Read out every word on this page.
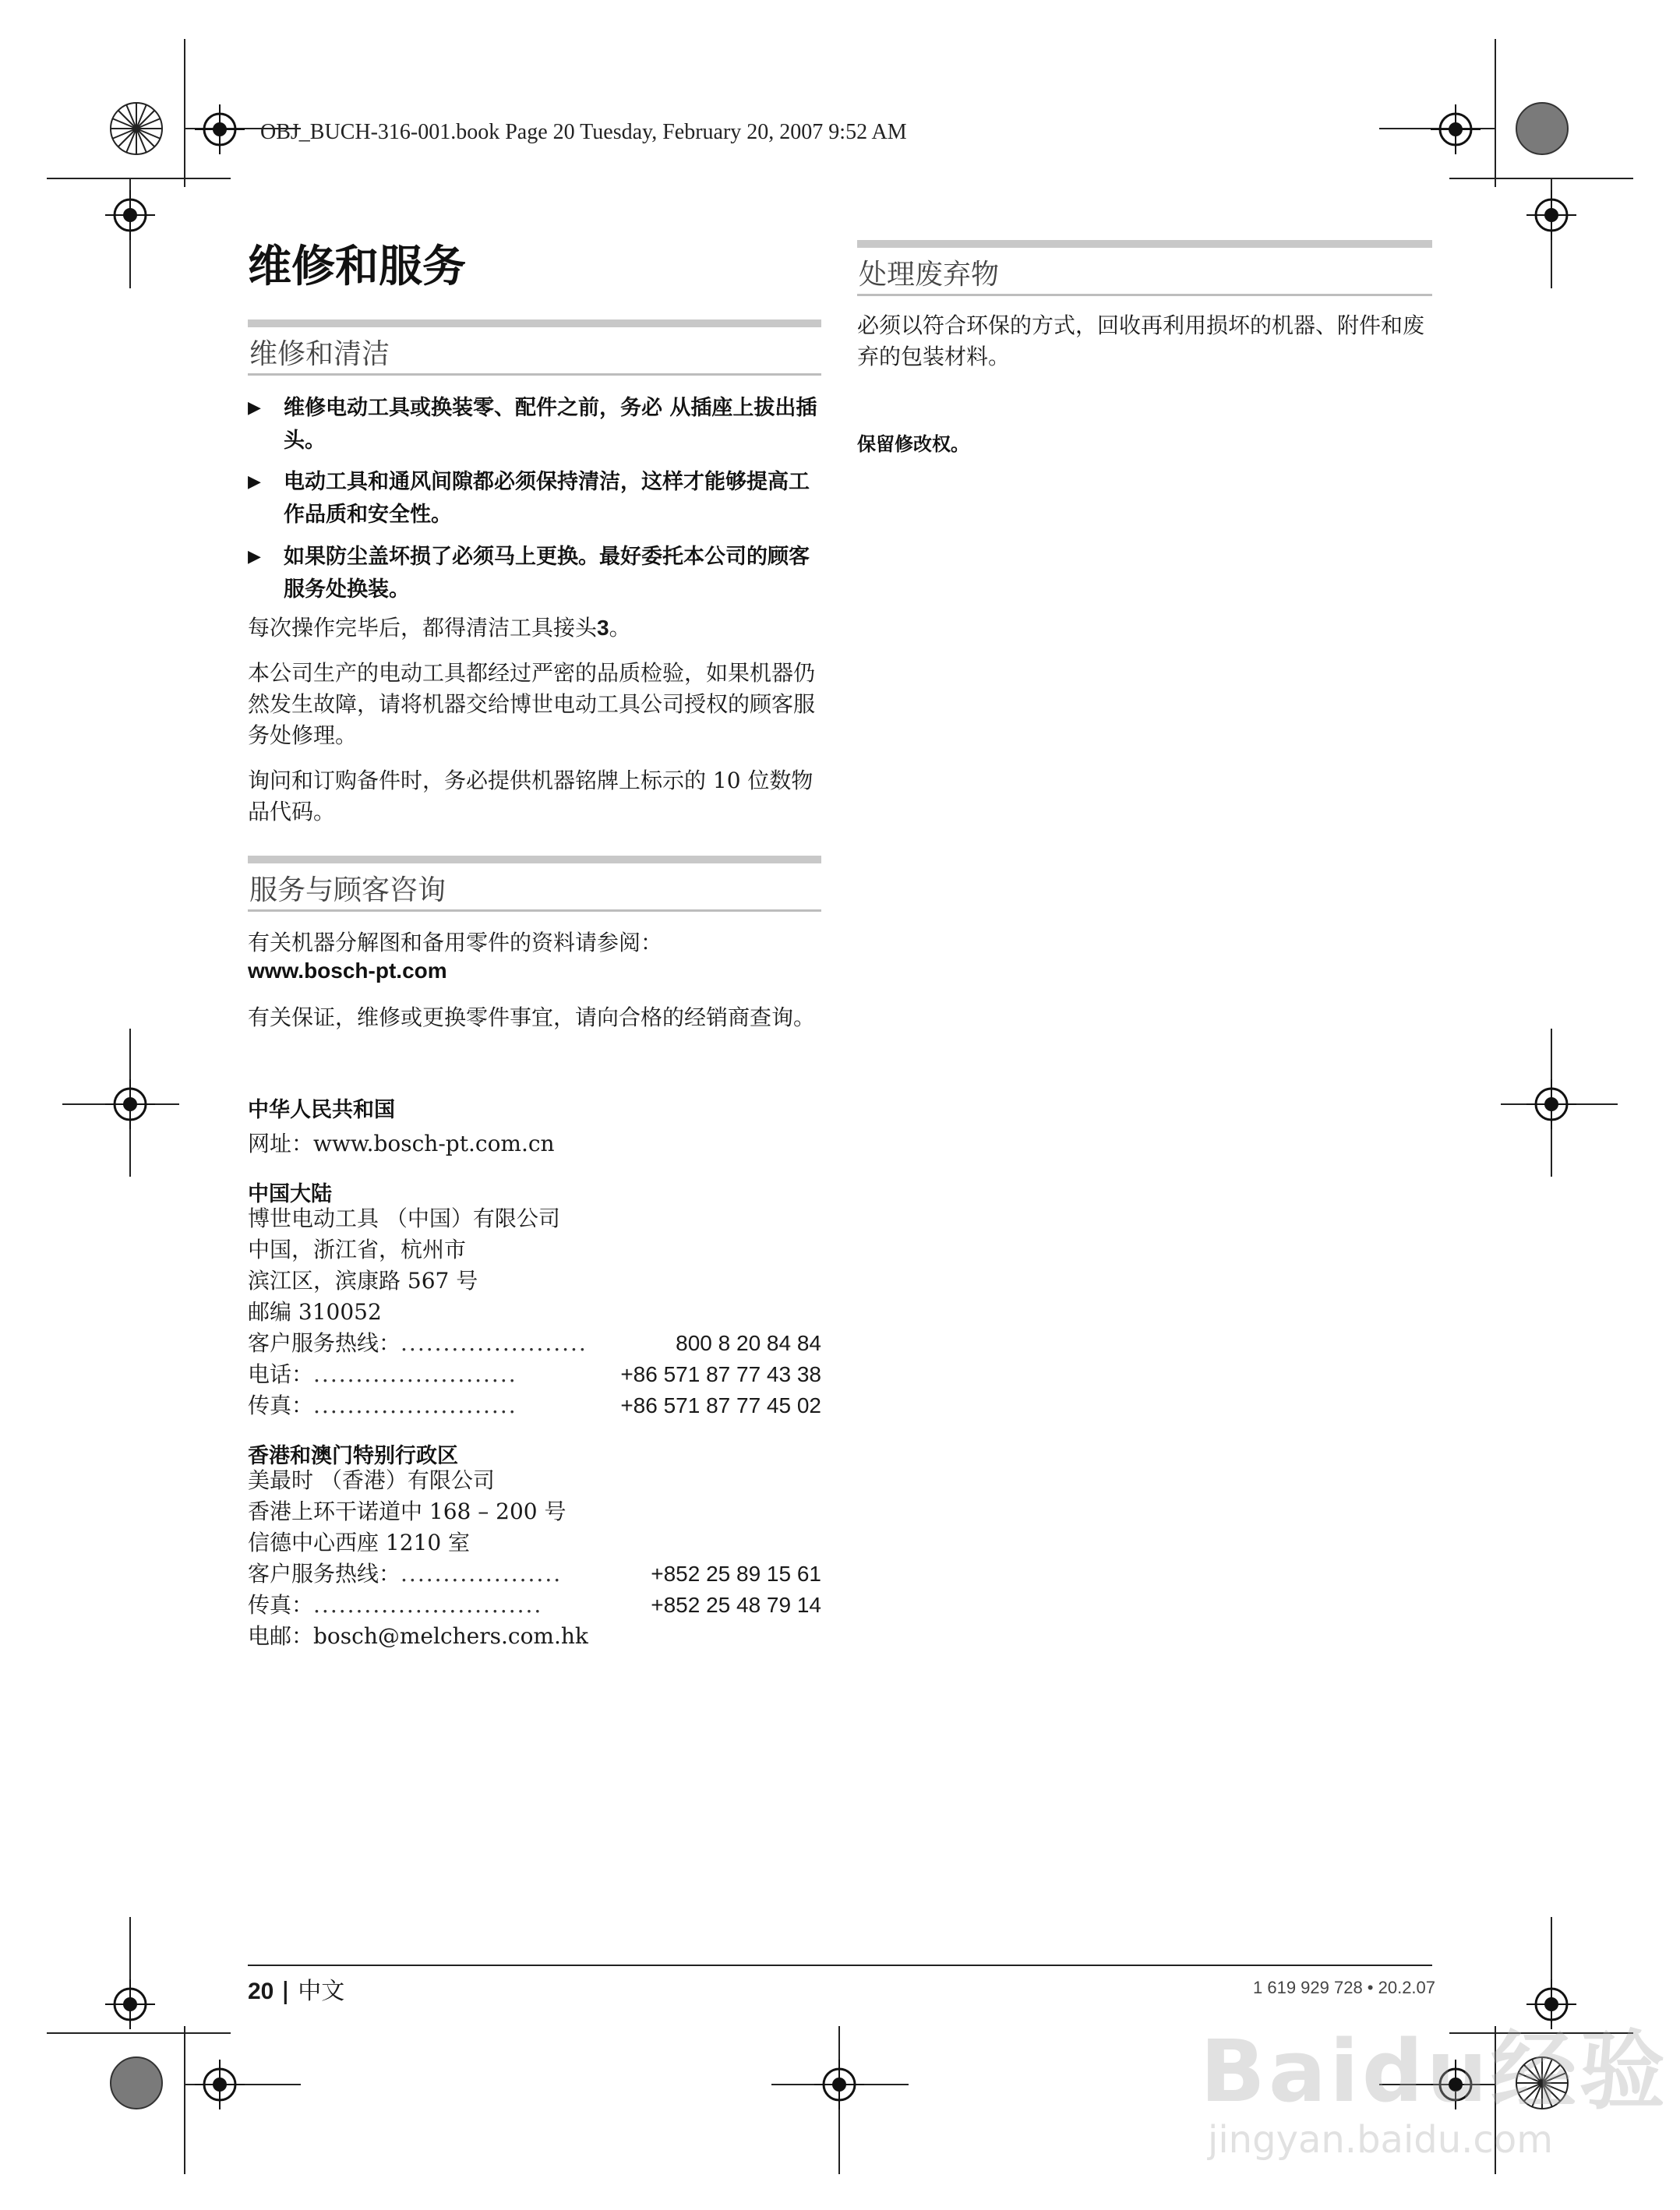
OBJ_BUCH-316-001.book Page 20 Tuesday, February 20, 2007 9:52 AM
维修和服务
维修和清洁
▶ 维修电动工具或换装零、配件之前，务必 从插座上拔出插头。
▶ 电动工具和通风间隙都必须保持清洁，这样才能够提高工作品质和安全性。
▶ 如果防尘盖坏损了必须马上更换。最好委托本公司的顾客服务处换装。
每次操作完毕后，都得清洁工具接头3。
本公司生产的电动工具都经过严密的品质检验，如果机器仍然发生故障，请将机器交给博世电动工具公司授权的顾客服务处修理。
询问和订购备件时，务必提供机器铭牌上标示的 10 位数物品代码。
服务与顾客咨询
有关机器分解图和备用零件的资料请参阅：
www.bosch-pt.com
有关保证，维修或更换零件事宜，请向合格的经销商查询。
中华人民共和国
网址：www.bosch-pt.com.cn
中国大陆
博世电动工具 （中国）有限公司
中国，浙江省，杭州市
滨江区，滨康路 567 号
邮编 310052
客户服务热线： ......................	800 8 20 84 84
电话： ........................	+86 571 87 77 43 38
传真： ........................	+86 571 87 77 45 02
香港和澳门特别行政区
美最时 （香港）有限公司
香港上环干诺道中 168 – 200 号
信德中心西座 1210 室
客户服务热线： ...................	+852 25 89 15 61
传真： ...........................	+852 25 48 79 14
电邮：bosch@melchers.com.hk
处理废弃物
必须以符合环保的方式，回收再利用损坏的机器、附件和废弃的包装材料。
保留修改权。
20 | 中文	1 619 929 728 • 20.2.07
Baidu经验
jingyan.baidu.com
